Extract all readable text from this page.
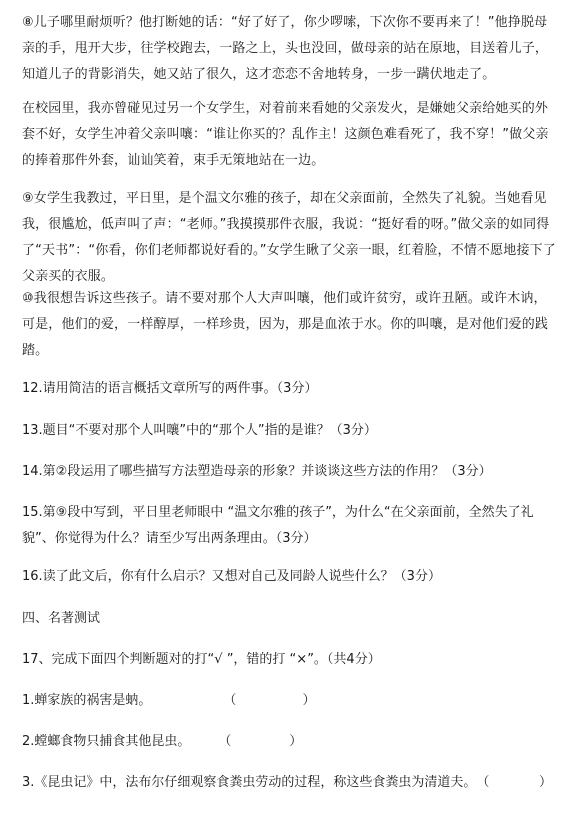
⑧儿子哪里耐烦听？他打断她的话：“好了好了，你少啰嗦，下次你不要再来了！”他挣脱母亲的手，甩开大步，往学校跑去，一路之上，头也没回，做母亲的站在原地，目送着儿子，知道儿子的背影消失，她又站了很久，这才恋恋不舍地转身，一步一蹒伏地走了。

在校园里，我亦曾碰见过另一个女学生，对着前来看她的父亲发火，是嫌她父亲给她买的外套不好，女学生冲着父亲叫嚷：“谁让你买的？乱作主！这颜色难看死了，我不穿！”做父亲的捧着那件外套，讪讪笑着，束手无策地站在一边。

⑨女学生我教过，平日里，是个温文尔雅的孩子，却在父亲面前，全然失了礼貌。当她看见我，很尴尬，低声叫了声：“老师。”我摸摸那件衣服，我说：“挺好看的呀。”做父亲的如同得了“天书”：“你看，你们老师都说好看的。”女学生瞅了父亲一眼，红着脸，不情不愿地接下了父亲买的衣服。

⑩我很想告诉这些孩子。请不要对那个人大声叫嚷，他们或许贫穷，或许丑陋。或许木讷，可是，他们的爱，一样醇厚，一样珍贵，因为，那是血浓于水。你的叫嚷，是对他们爱的践踏。

12.请用简洁的语言概括文章所写的两件事。（3分）

13.题目“不要对那个人叫嚷”中的“那个人”指的是谁？（3分）

14.第②段运用了哪些描写方法塑造母亲的形象？并谈谈这些方法的作用？（3分）

15.第⑨段中写到，平日里老师眼中 “温文尔雅的孩子”，为什么“在父亲面前，全然失了礼貌”、你觉得为什么？请至少写出两条理由。（3分）

16.读了此文后，你有什么启示？又想对自己及同龄人说些什么？（3分）

四、名著测试

17、完成下面四个判断题对的打“√ ”，错的打 “×”。（共4分）

1.蝉家族的祸害是蚋。	（                ）

2.螳螂食物只捕食其他昆虫。 （              ）

3.《昆虫记》中，法布尔仔细观察食粪虫劳动的过程，称这些食粪虫为清道夫。（            ）
